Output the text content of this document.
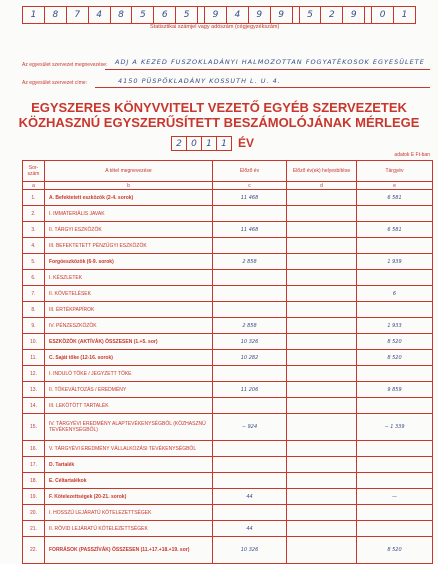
1	8	7	4	8	5	6	5	9	4	9	9	5	2	9	0	1
Statisztikai számjel vagy adószám (cégjegyzékszám)
Az egyesület szervezet megnevezése: ADJ A KEZED FUSZOKLADÁNYI HALMOZOTTAN FOGYATÉKOSOK EGYESÜLETE
Az egyesület szervezet címe:	4150 PÜSPÖKLADÁNY KOSSUTH L. U. 4.
EGYSZERES KÖNYVVITELT VEZETŐ EGYÉB SZERVEZETEK
KÖZHASZNÚ EGYSZERŰSÍTETT BESZÁMOLÓJÁNAK MÉRLEGE
2	0	1	1 ÉV
adatok E Ft-ban
Sor-szám	A tétel megnevezése	Előző év	Előző év(ek) helyesbítése	Tárgyév
a	b	c	d	e
1.	A. Befektetett eszközök (2-4. sorok)	11 468		6 581
2.	I. IMMATERIÁLIS JAVAK			
3.	II. TÁRGYI ESZKÖZÖK	11 468		6 581
4.	III. BEFEKTETETT PÉNZÜGYI ESZKÖZÖK			
5.	Forgóeszközök (6-9. sorok)	2 858		1 939
6.	I. KÉSZLETEK			
7.	II. KÖVETELÉSEK			6
8.	III. ÉRTÉKPAPÍROK			
9.	IV. PÉNZESZKÖZÖK	2 858		1 933
10.	ESZKÖZÖK (AKTÍVÁK) ÖSSZESEN (1.+5. sor)	10 326		8 520
11.	C. Saját tőke (12-16. sorok)	10 282		8 520
12.	I. INDULÓ TŐKE / JEGYZETT TŐKE			
13.	II. TŐKEVÁLTOZÁS / EREDMÉNY	11 206		9 859
14.	III. LEKÖTÖTT TARTALÉK			
15.	IV. TÁRGYÉVI EREDMÉNY ALAPTEVÉKENYSÉGBŐL (KÖZHASZNÚ TEVÉKENYSÉGBŐL)	− 924		− 1 339
16.	V. TÁRGYÉVI EREDMÉNY VÁLLALKOZÁSI TEVÉKENYSÉGBŐL			
17.	D. Tartalék			
18.	E. Céltartalékok			
19.	F. Kötelezettségek (20-21. sorok)	44		—
20.	I. HOSSZÚ LEJÁRATÚ KÖTELEZETTSÉGEK			
21.	II. RÖVID LEJÁRATÚ KÖTELEZETTSÉGEK	44		
22.	FORRÁSOK (PASSZÍVÁK) ÖSSZESEN (11.+17.+18.+19. sor)	10 326		8 520
